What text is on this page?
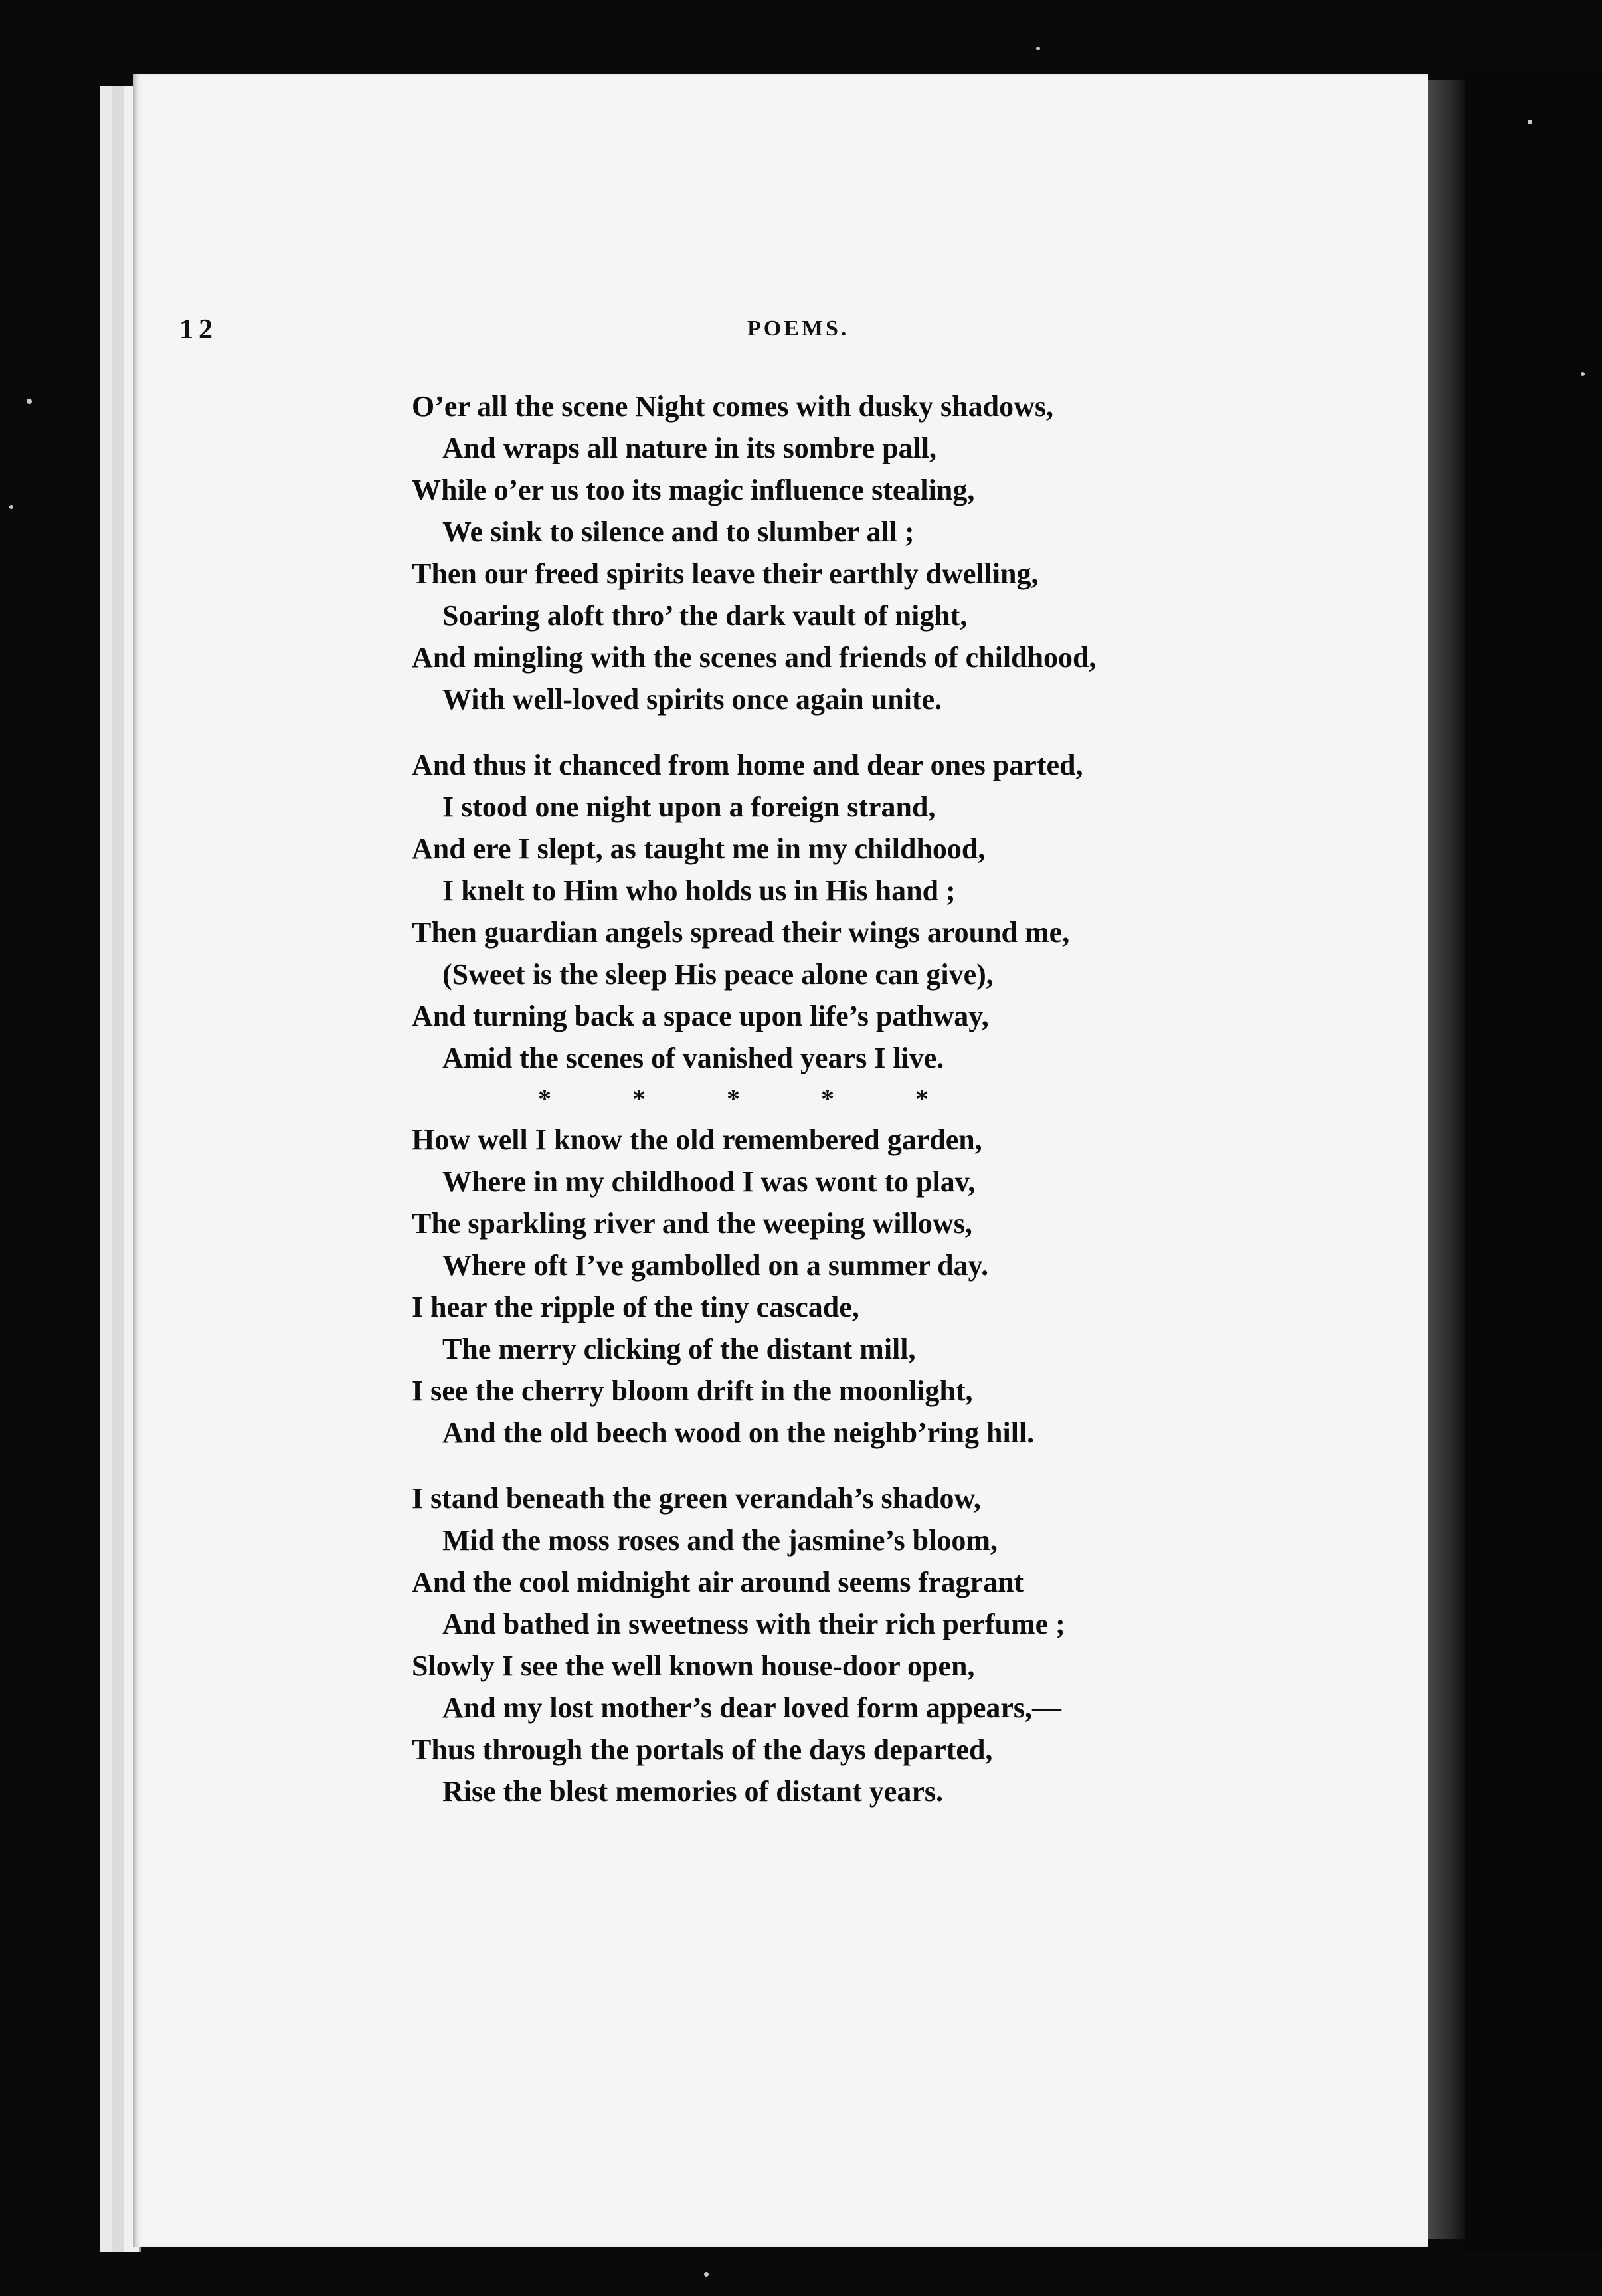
12	POEMS.
O’er all the scene Night comes with dusky shadows,
And wraps all nature in its sombre pall,
While o’er us too its magic influence stealing,
We sink to silence and to slumber all ;
Then our freed spirits leave their earthly dwelling,
Soaring aloft thro’ the dark vault of night,
And mingling with the scenes and friends of childhood,
With well-loved spirits once again unite.
And thus it chanced from home and dear ones parted,
I stood one night upon a foreign strand,
And ere I slept, as taught me in my childhood,
I knelt to Him who holds us in His hand ;
Then guardian angels spread their wings around me,
(Sweet is the sleep His peace alone can give),
And turning back a space upon life’s pathway,
Amid the scenes of vanished years I live.
*          *          *          *          *
How well I know the old remembered garden,
Where in my childhood I was wont to plav,
The sparkling river and the weeping willows,
Where oft I’ve gambolled on a summer day.
I hear the ripple of the tiny cascade,
The merry clicking of the distant mill,
I see the cherry bloom drift in the moonlight,
And the old beech wood on the neighb’ring hill.
I stand beneath the green verandah’s shadow,
Mid the moss roses and the jasmine’s bloom,
And the cool midnight air around seems fragrant
And bathed in sweetness with their rich perfume ;
Slowly I see the well known house-door open,
And my lost mother’s dear loved form appears,—
Thus through the portals of the days departed,
Rise the blest memories of distant years.
